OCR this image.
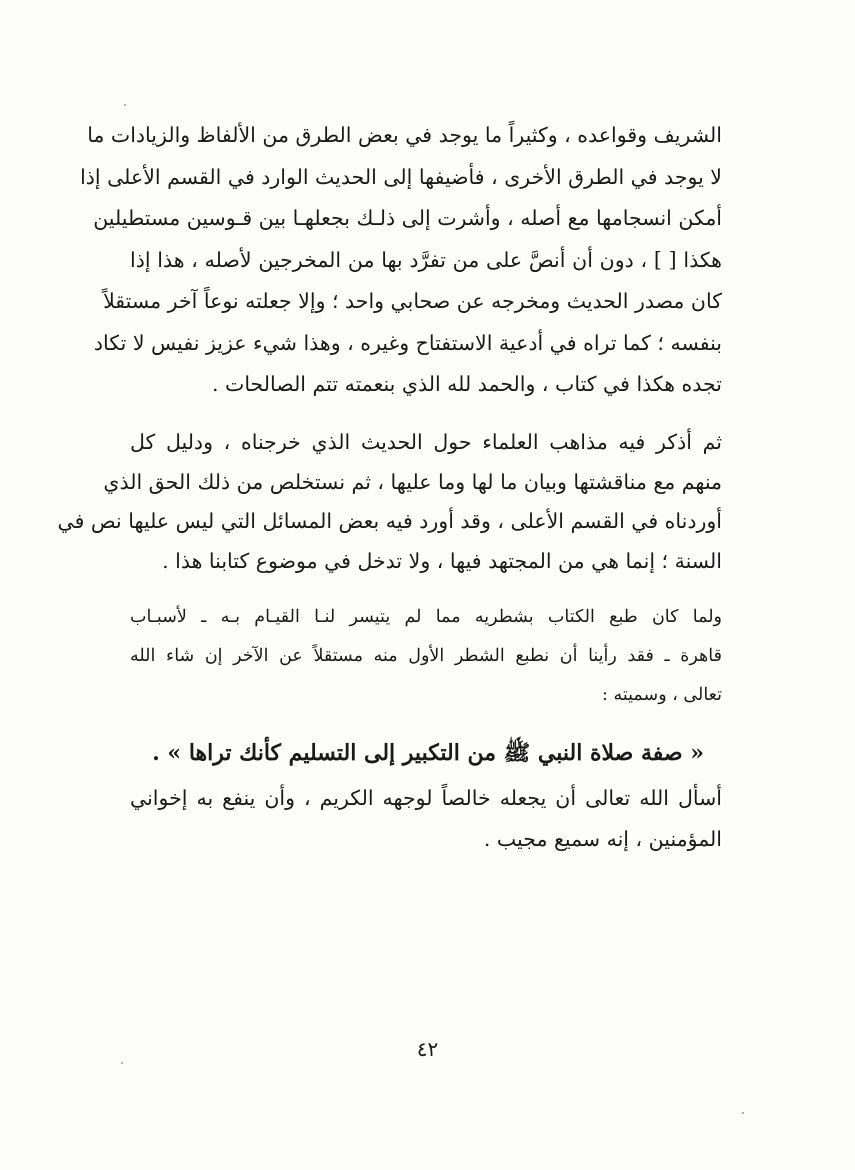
الشريف وقواعده ، وكثيراً ما يوجد في بعض الطرق من الألفاظ والزيادات ما
لا يوجد في الطرق الأخرى ، فأضيفها إلى الحديث الوارد في القسم الأعلى إذا
أمكن انسجامها مع أصله ، وأشرت إلى ذلـك بجعلهـا بين قـوسين مستطيلين
هكذا [ ] ، دون أن أنصَّ على من تفرَّد بها من المخرجين لأصله ، هذا إذا
كان مصدر الحديث ومخرجه عن صحابي واحد ؛ وإلا جعلته نوعاً آخر مستقلاً
بنفسه ؛ كما تراه في أدعية الاستفتاح وغيره ، وهذا شيء عزيز نفيس لا تكاد
تجده هكذا في كتاب ، والحمد لله الذي بنعمته تتم الصالحات .
ثم أذكر فيه مذاهب العلماء حول الحديث الذي خرجناه ، ودليل كل
منهم مع مناقشتها وبيان ما لها وما عليها ، ثم نستخلص من ذلك الحق الذي
أوردناه في القسم الأعلى ، وقد أورد فيه بعض المسائل التي ليس عليها نص في
السنة ؛ إنما هي من المجتهد فيها ، ولا تدخل في موضوع كتابنا هذا .
ولما كان طبع الكتاب بشطريه مما لم يتيسر لنـا القيـام بـه ـ لأسبـاب
قاهرة ـ فقد رأينا أن نطبع الشطر الأول منه مستقلاً عن الآخر إن شاء الله
تعالى ، وسميته :
« صفة صلاة النبي ﷺ من التكبير إلى التسليم كأنك تراها » .
أسأل الله تعالى أن يجعله خالصاً لوجهه الكريم ، وأن ينفع به إخواني
المؤمنين ، إنه سميع مجيب .
٤٢
